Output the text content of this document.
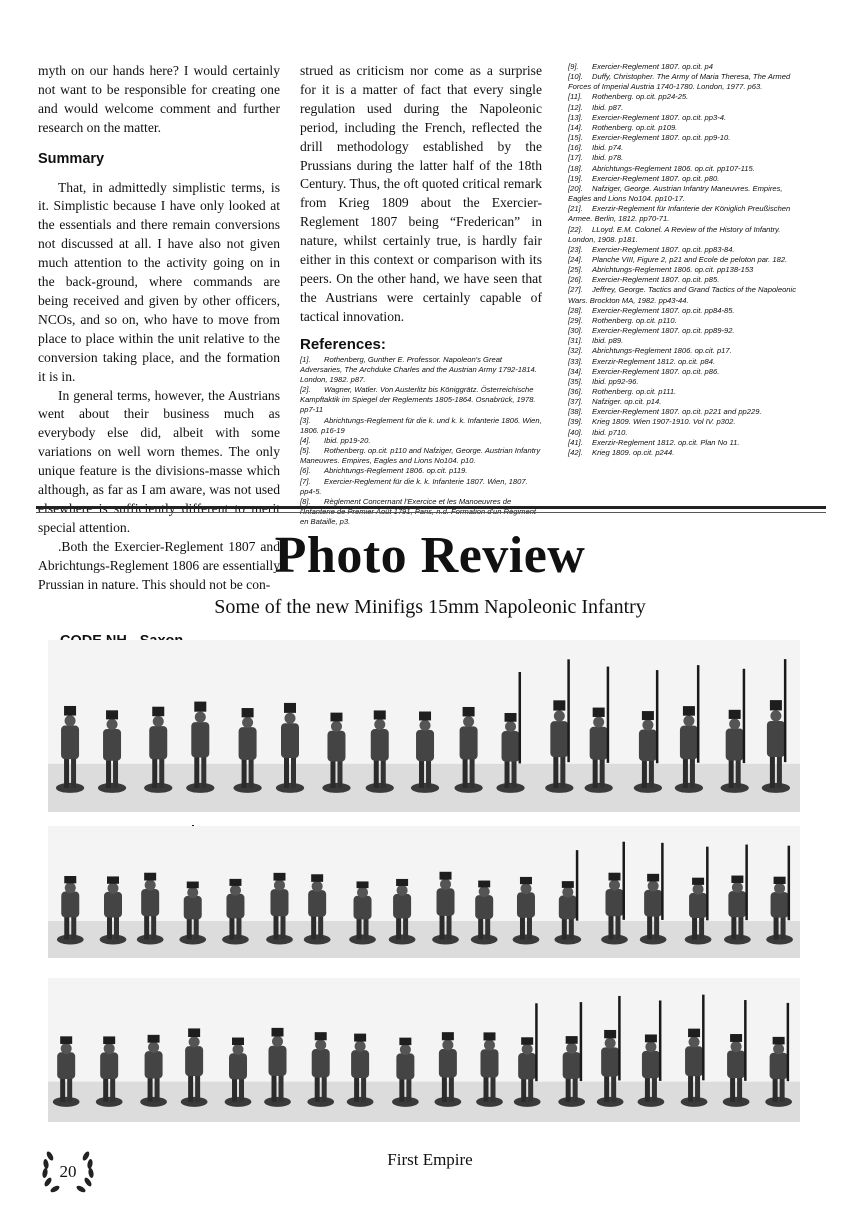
myth on our hands here? I would certainly not want to be responsible for creating one and would welcome comment and further research on the matter.

Summary

That, in admittedly simplistic terms, is it. Simplistic because I have only looked at the essentials and there remain conversions not discussed at all. I have also not given much attention to the activity going on in the back-ground, where commands are being received and given by other officers, NCOs, and so on, who have to move from place to place within the unit relative to the conversion taking place, and the formation it is in.

In general terms, however, the Austrians went about their business much as everybody else did, albeit with some variations on well worn themes. The only unique feature is the divisions-masse which although, as far as I am aware, was not used special attention.

.Both the Exercier-Reglement 1807 and Abrichtungs-Reglement 1806 are essentially Prussian in nature. This should not be con-

strued as criticism nor come as a surprise for it is a matter of fact that every single regulation used during the Napoleonic period, including the French, reflected the drill methodology established by the Prussians during the latter half of the 18th Century. Thus, the oft quoted critical remark from Krieg 1809 about the Exercier-Reglement 1807 being “Frederican” in nature, whilst certainly true, is hardly fair either in this context or comparison with its peers. On the other hand, we have seen that the Austrians were certainly capable of tactical innovation.

References:

[1]. Rothenberg, Gunther E. Professor. Napoleon's Great Adversaries, The Archduke Charles and the Austrian Army 1792-1814. London, 1982. p87.

[2]. Wagner, Watler. Von Austerlitz bis Königgrätz. Österreichische Kampftaktik im Spiegel der Reglements 1805-1864. Osnabrück, 1978. pp7-11

[3]. Abrichtungs-Reglement für die k. und k. k. Infanterie 1806. Wien, 1806. p16-19

[4]. Ibid. pp19-20.

[5]. Rothenberg. op.cit. p110 and Nafziger, George. Austrian Infantry Maneuvres. Empires, Eagles and Lions No104. p10.

[6]. Abrichtungs-Reglement 1806. op.cit. p119.

[7]. Exercier-Reglement für die k. k. Infanterie 1807. Wien, 1807. pp4-5.

[8]. Règlement Concernant l'Exercice et les Manoeuvres de en Bataille, p3.

[9]. Exercier-Reglement 1807. op.cit. p4

[10]. Duffy, Christopher. The Army of Maria Theresa, The Armed Forces of Imperial Austria 1740-1780. London, 1977. p63.

[11]. Rothenberg. op.cit. pp24-25.

[12]. Ibid. p87.

[13]. Exercier-Reglement 1807. op.cit. pp3-4.

[14]. Rothenberg. op.cit. p109.

[15]. Exercier-Reglement 1807. op.cit. pp9-10.

[16]. Ibid. p74.

[17]. Ibid. p78.

[18]. Abrichtungs-Reglement 1806. op.cit. pp107-115.

[19]. Exercier-Reglement 1807. op.cit. p80.

[20]. Nafziger, George. Austrian Infantry Maneuvres. Empires, Eagles and Lions No104. pp10-17.

[21]. Exerzir-Reglement für Infanterie der Königlich Preußischen Armee. Berlin, 1812. pp70-71.

[22]. LLoyd. E.M. Colonel. A Review of the History of Infantry. London, 1908. p181.

[23]. Exercier-Reglement 1807. op.cit. pp83-84.

[24]. Planche VIII, Figure 2, p21 and Ecole de peloton par. 182.

[25]. Abrichtungs-Reglement 1806. op.cit. pp138-153

[26]. Exercier-Reglement 1807. op.cit. p85.

[27]. Jeffrey, George. Tactics and Grand Tactics of the Napoleonic Wars. Brockton MA, 1982. pp43-44.

[28]. Exercier-Reglement 1807. op.cit. pp84-85.

[29]. Rothenberg. op.cit. p110.

[30]. Exercier-Reglement 1807. op.cit. pp89-92.

[31]. Ibid. p89.

[32]. Abrichtungs-Reglement 1806. op.cit. p17.

[33]. Exerzir-Reglement 1812. op.cit. p84.

[34]. Exercier-Reglement 1807. op.cit. p86.

[35]. Ibid. pp92-96.

[36]. Rothenberg. op.cit. p111.

[37]. Nafziger. op.cit. p14.

[38]. Exercier-Reglement 1807. op.cit. p221 and pp229.

[39]. Krieg 1809. Wien 1907-1910. Vol IV. p302.

[40]. Ibid. p710.

[41]. Exerzir-Reglement 1812. op.cit. Plan No 11.

[42]. Krieg 1809. op.cit. p244.

Photo Review
Some of the new Minifigs 15mm Napoleonic Infantry
20
First Empire
